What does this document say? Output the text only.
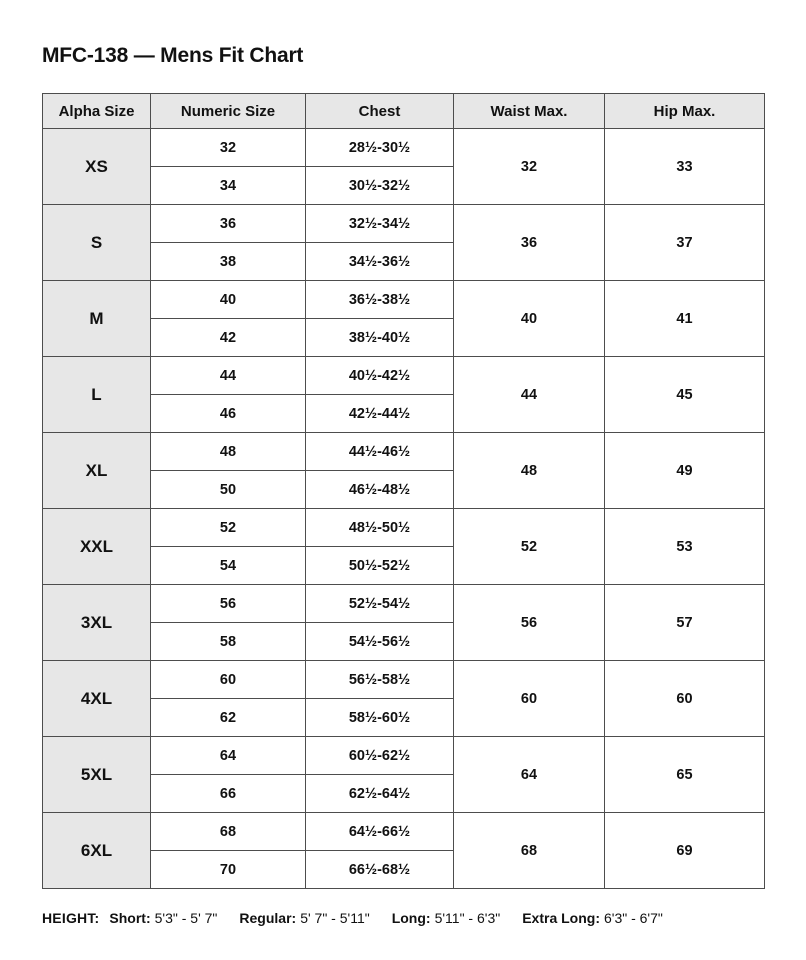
MFC-138 — Mens Fit Chart
Alpha Size	Numeric Size	Chest	Waist Max.	Hip Max.
XS	32	28½-30½	32	33
	34	30½-32½		
S	36	32½-34½	36	37
	38	34½-36½		
M	40	36½-38½	40	41
	42	38½-40½		
L	44	40½-42½	44	45
	46	42½-44½		
XL	48	44½-46½	48	49
	50	46½-48½		
XXL	52	48½-50½	52	53
	54	50½-52½		
3XL	56	52½-54½	56	57
	58	54½-56½		
4XL	60	56½-58½	60	60
	62	58½-60½		
5XL	64	60½-62½	64	65
	66	62½-64½		
6XL	68	64½-66½	68	69
	70	66½-68½		
HEIGHT: Short: 5'3" - 5' 7" Regular: 5' 7" - 5'11" Long: 5'11" - 6'3" Extra Long: 6'3" - 6'7"
